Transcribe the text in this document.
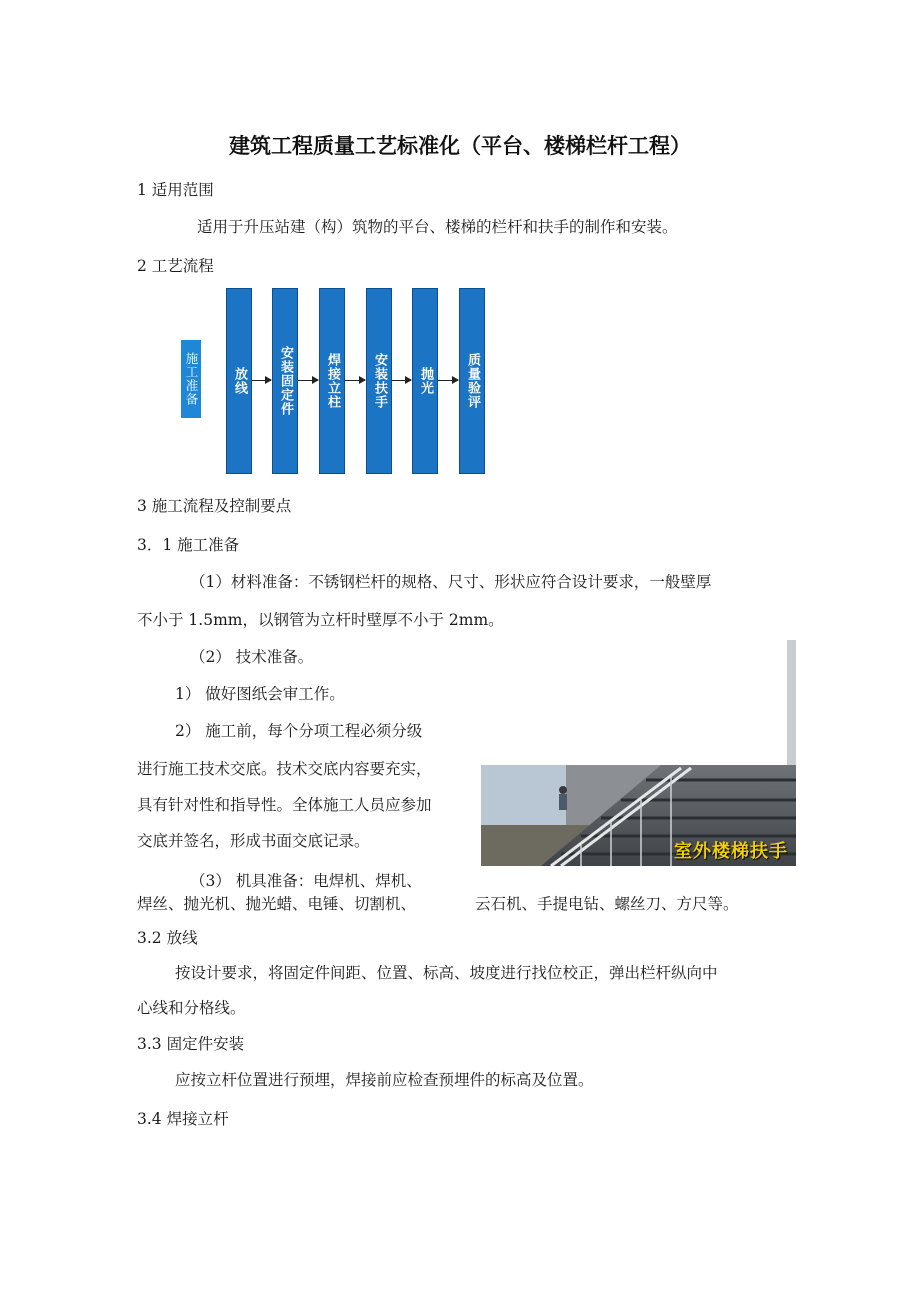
建筑工程质量工艺标准化（平台、楼梯栏杆工程）
1 适用范围
适用于升压站建（构）筑物的平台、楼梯的栏杆和扶手的制作和安装。
2 工艺流程
施工准备	放线 安装固定件 焊接立柱 安装扶手 抛光 质量验评
3 施工流程及控制要点
3．1 施工准备
（1）材料准备：不锈钢栏杆的规格、尺寸、形状应符合设计要求，一般壁厚
不小于 1.5mm，以钢管为立杆时壁厚不小于 2mm。
（2） 技术准备。
1） 做好图纸会审工作。
2） 施工前，每个分项工程必须分级
进行施工技术交底。技术交底内容要充实，
具有针对性和指导性。全体施工人员应参加
交底并签名，形成书面交底记录。
（3） 机具准备：电焊机、焊机、
焊丝、抛光机、抛光蜡、电锤、切割机、	云石机、手提电钻、螺丝刀、方尺等。
室外楼梯扶手
3.2 放线
按设计要求，将固定件间距、位置、标高、坡度进行找位校正，弹出栏杆纵向中
心线和分格线。
3.3 固定件安装
应按立杆位置进行预埋，焊接前应检查预埋件的标高及位置。
3.4 焊接立杆
